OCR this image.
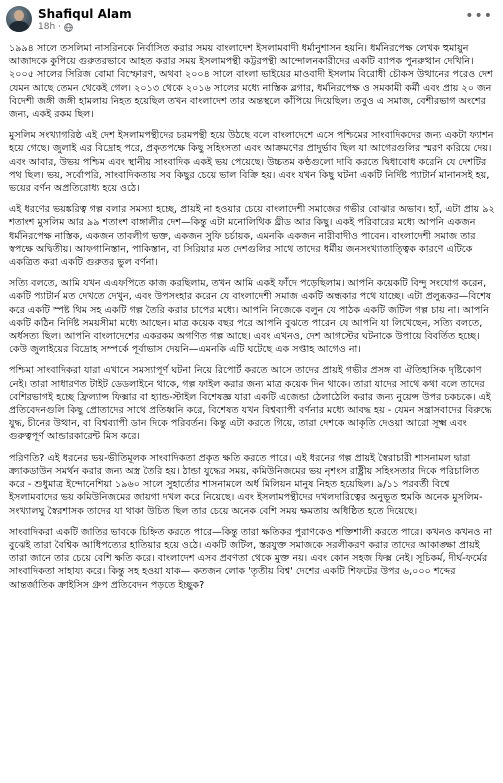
Shafiqul Alam
18h ·
•••

১৯৯৪ সালে তসলিমা নাসরিনকে নির্বাসিত করার সময় বাংলাদেশ ইসলামবাদী ধর্মানুশাসন হয়নি। ধর্মনিরপেক্ষ লেখক হুমায়ুন আজাদকে কুপিয়ে গুরুতরভাবে আহত করার সময় ইসলামপন্থী কট্টরপন্থী আন্দোলনকারীদের একটি ব্যাপক পুনরুত্থান দেখিনি। ২০০৫ সালের সিরিজ বোমা বিস্ফোরণ, অথবা ২০০৪ সালে বাংলা ভাইয়ের মাওবাদী ইসলাম বিরোধী চৌকস উত্থানের পরেও দেশ যেমন আছে তেমন থেকেই গেল। ২০১৩ থেকে ২০১৬ সালের মধ্যে নাস্তিক ব্লগার, ধর্মনিরপেক্ষ ও সমকামী কর্মী এবং প্রায় ২০ জন বিদেশী জঙ্গী জঙ্গী হামলায় নিহত হয়েছিল তখন বাংলাদেশ তার অন্তস্থলে কাঁপিয়ে দিয়েছিল। তবুও এ সমাজ, বেশীরভাগ অংশের জন্য, একই রকম ছিল।

মুসলিম সংখ্যাগরিষ্ঠ এই দেশ ইসলামপন্থীদের চরমপন্থী হয়ে উঠছে বলে বাংলাদেশে এসে পশ্চিমের সাংবাদিকদের জন্য একটা ফ্যাশন হয়ে গেছে। জুলাই এর বিদ্রোহ পরে, প্রকৃতপক্ষে কিছু সহিংসতা এবং আক্রমণের প্রাদুর্ভাব ছিল যা আগেরগুলির স্মরণ করিয়ে দেয়। এবং আবার, উভয় পশ্চিম এবং স্থানীয় সাংবাদিক একই ভয় পেয়েছে। উচ্চতম কণ্ঠগুলো দাবি করতে দ্বিধাবোধ করেনি যে দেশটির পথ ছিল। ভয়, সর্বোপরি, সাংবাদিকতায় সব কিছুর চেয়ে ভাল বিক্রি হয়। এবং যখন কিছু ঘটনা একটি নির্দিষ্ট প্যাটার্ন মানানসই হয়, ভয়ের বর্ণন অপ্রতিরোধ্য হয়ে ওঠে।

এই ধরণের ভয়ঙ্করিত্ব গল্প বলার সমস্যা হচ্ছে, প্রায়ই না হওয়ার চেয়ে বাংলাদেশী সমাজের গভীর বোঝার অভাব। হ্যাঁ, এটা প্রায় ৯২ শতাংশ মুসলিম আর ৯৯ শতাংশ বাঙ্গালীর দেশ—কিন্তু এটা মনোলিথিক থ্রীড আর কিছু। একই পরিবারের মধ্যে আপনি একজন ধর্মনিরপেক্ষ নাস্তিক, একজন তাবলীগ ভক্ত, একজন সুফি চর্চায়ক, এমনকি একজন নারীবাদীও পাবেন। বাংলাদেশী সমাজ তার স্বপক্ষে অদ্বিতীয়। আফগানিস্তান, পাকিস্তান, বা সিরিয়ার মত দেশগুলির সাথে তাদের ধর্মীয় জনসংখ্যাতাত্ত্বিক কারণে এটিকে একত্রিত করা একটি গুরুতর ভুল বর্ণনা।

সত্যি বলতে, আমি যখন এএফপিতে কাজ করছিলাম, তখন আমি একই ফাঁদে পড়েছিলাম। আপনি কয়েকটি বিন্দু সংযোগ করেন, একটি প্যাটার্ন মত দেখতে দেখুন, এবং উপসংহার করেন যে বাংলাদেশী সমাজ একটি অন্ধকার পথে যাচ্ছে। এটা প্রলুব্ধকর—বিশেষ করে একটি স্পষ্ট থিম সহ একটি গল্প তৈরি করার চাপের মধ্যে। আপনি নিজেকে বলুন যে পাঠক একটি জটিল গল্প চায় না। আপনি একটি কঠিন নির্দিষ্ট সময়সীমা মধ্যে আছেন। মাত্র কয়েক বছর পরে আপনি বুঝতে পারেন যে আপনি যা লিখেছেন, সত্যি বলতে, অর্ধসত্য ছিল। আপনি বাংলাদেশের একরকম অগণিত গল্প আছে। এবং এখনও, দেশ আগস্টের ঘটনাকে উপায়ে বিবর্তিত হচ্ছে। কেউ জুলাইয়ের বিদ্রোহ সম্পর্কে পূর্বাভাস দেয়নি—এমনকি এটি ঘটেছে এক সপ্তাহ আগেও না।

পশ্চিমা সাংবাদিকরা যারা এখানে সমস্যাপূর্ণ ঘটনা নিয়ে রিপোর্ট করতে আসে তাদের প্রায়ই গভীর প্রসঙ্গ বা ঐতিহাসিক দৃষ্টিকোণ নেই। তারা সাধারণত টাইট ডেডলাইনে থাকে, গল্প ফাইল করার জন্য মাত্র কয়েক দিন থাকে। তারা যাদের সাথে কথা বলে তাদের বেশিরভাগই হচ্ছে ফ্রিল্যান্স ফিক্সার বা হ্যান্ড-স্টাইল বিশেষজ্ঞ যারা একটি এজেন্ডা ঠেলাঠেলি করার জন্য নুয়েন্স উপর চকচকে। এই প্রতিবেদনগুলি কিছু প্রোতাদের সাথে প্রতিধ্বনি করে, বিশেষত যখন বিশ্বব্যাপী বর্ণনার মধ্যে আবদ্ধ হয় - যেমন সন্ত্রাসবাদের বিরুদ্ধে যুদ্ধ, চীনের উত্থান, বা বিশ্বব্যাপী ডান দিকে পরিবর্তন। কিন্তু এটা করতে গিয়ে, তারা দেশকে আকৃতি দেওয়া আরো সূক্ষ্ম এবং গুরুত্বপূর্ণ আন্ডারকারেন্ট মিস করে।

পরিণতি? এই ধরনের ভয়-ভীতিমূলক সাংবাদিকতা প্রকৃত ক্ষতি করতে পারে। এই ধরনের গল্প প্রায়ই স্বৈরাচারী শাসনামল দ্বারা ক্র্যাকডাউন সমর্থন করার জন্য অস্ত্র তৈরি হয়। ঠান্ডা যুদ্ধের সময়, কমিউনিজমের ভয় নৃশংস রাষ্ট্রীয় সহিংসতার দিকে পরিচালিত করে - শুধুমাত্র ইন্দোনেশিয়া ১৯৬০ সালে সুহার্তোর শাসনামলে অর্ধ মিলিয়ন মানুষ নিহত হয়েছিল। ৯/১১ পরবর্তী বিশ্বে ইসলামবাদের ভয় কমিউনিজমের জায়গা দখল করে নিয়েছে। এবং ইসলামপন্থীদের দখলদারিত্বের অনুভূত হুমকি অনেক মুসলিম-সংখ্যালঘু স্বৈরশাসক তাদের যা থাকা উচিত ছিল তার চেয়ে অনেক বেশি সময় ক্ষমতায় অধিষ্ঠিত হতে দিয়েছে।

সাংবাদিকরা একটি জাতির ভাবকে চিহ্নিত করতে পারে—কিন্তু তারা ক্ষতিকর পুরাণকেও শক্তিশালী করতে পারে। কখনও কখনও না বুঝেই তারা বৈশ্বিক আধিপত্যের হাতিয়ার হয়ে ওঠে। একটি জটিল, স্তরযুক্ত সমাজকে সরলীকরণ করার তাদের আকাঙ্ক্ষা প্রায়ই তারা জানে তার চেয়ে বেশি ক্ষতি করে। বাংলাদেশ এসব প্রবণতা থেকে মুক্ত নয়। এবং কোন সহজ ফিক্স নেই। সূচিকর্ম, দীর্ঘ-ফর্মের সাংবাদিকতা সাহায্য করে। কিন্তু সহ হওয়া যাক— কতজন লোক 'তৃতীয় বিশ্ব' দেশের একটি শিফটের উপর ৬,০০০ শব্দের আন্তর্জাতিক ক্রাইসিস গ্রুপ প্রতিবেদন পড়তে ইচ্ছুক?
